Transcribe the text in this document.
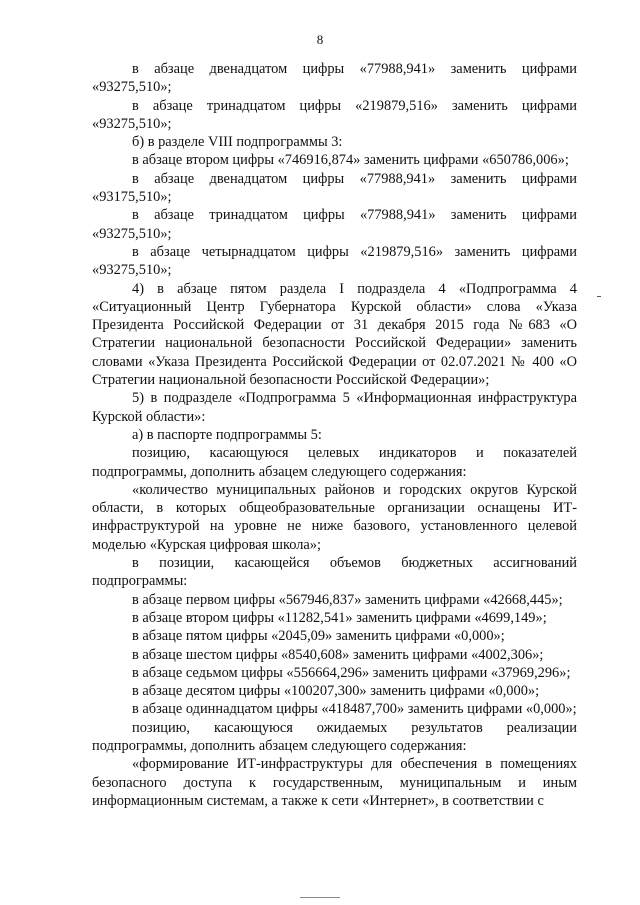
8

в абзаце двенадцатом цифры «77988,941» заменить цифрами «93275,510»;

в абзаце тринадцатом цифры «219879,516» заменить цифрами «93275,510»;

б) в разделе VIII подпрограммы 3:

в абзаце втором цифры «746916,874» заменить цифрами «650786,006»;

в абзаце двенадцатом цифры «77988,941» заменить цифрами «93175,510»;

в абзаце тринадцатом цифры «77988,941» заменить цифрами «93275,510»;

в абзаце четырнадцатом цифры «219879,516» заменить цифрами «93275,510»;

4) в абзаце пятом раздела I подраздела 4 «Подпрограмма 4 «Ситуационный Центр Губернатора Курской области» слова «Указа Президента Российской Федерации от 31 декабря 2015 года №683 «О Стратегии национальной безопасности Российской Федерации» заменить словами «Указа Президента Российской Федерации от 02.07.2021 № 400 «О Стратегии национальной безопасности Российской Федерации»;

5) в подразделе «Подпрограмма 5 «Информационная инфраструктура Курской области»:

а) в паспорте подпрограммы 5:

позицию, касающуюся целевых индикаторов и показателей подпрограммы, дополнить абзацем следующего содержания:

«количество муниципальных районов и городских округов Курской области, в которых общеобразовательные организации оснащены ИТ-инфраструктурой на уровне не ниже базового, установленного целевой моделью «Курская цифровая школа»;

в позиции, касающейся объемов бюджетных ассигнований подпрограммы:

в абзаце первом цифры «567946,837» заменить цифрами «42668,445»;

в абзаце втором цифры «11282,541» заменить цифрами «4699,149»;

в абзаце пятом цифры «2045,09» заменить цифрами «0,000»;

в абзаце шестом цифры «8540,608» заменить цифрами «4002,306»;

в абзаце седьмом цифры «556664,296» заменить цифрами «37969,296»;

в абзаце десятом цифры «100207,300» заменить цифрами «0,000»;

в абзаце одиннадцатом цифры «418487,700» заменить цифрами «0,000»;

позицию, касающуюся ожидаемых результатов реализации подпрограммы, дополнить абзацем следующего содержания:

«формирование ИТ-инфраструктуры для обеспечения в помещениях безопасного доступа к государственным, муниципальным и иным информационным системам, а также к сети «Интернет», в соответствии с
